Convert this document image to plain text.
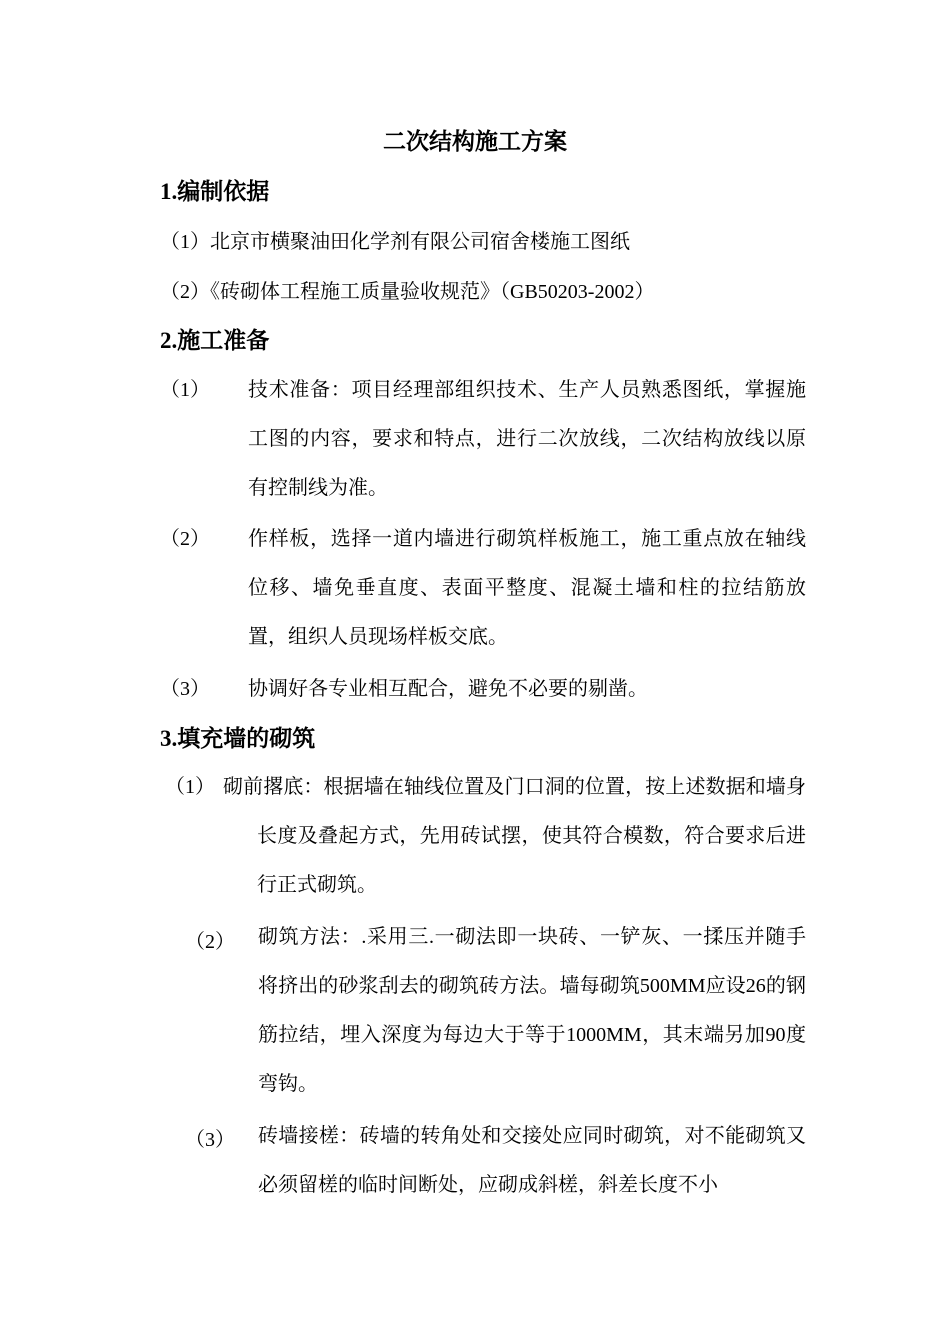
二次结构施工方案
1.编制依据
（1）北京市横聚油田化学剂有限公司宿舍楼施工图纸
（2）《砖砌体工程施工质量验收规范》（GB50203-2002）
2.施工准备
（1） 技术准备：项目经理部组织技术、生产人员熟悉图纸，掌握施工图的内容，要求和特点，进行二次放线，二次结构放线以原有控制线为准。
（2） 作样板，选择一道内墙进行砌筑样板施工，施工重点放在轴线位移、墙免垂直度、表面平整度、混凝土墙和柱的拉结筋放置，组织人员现场样板交底。
（3） 协调好各专业相互配合，避免不必要的剔凿。
3.填充墙的砌筑
（1） 砌前撂底：根据墙在轴线位置及门口洞的位置，按上述数据和墙身长度及叠起方式，先用砖试摆，使其符合模数，符合要求后进行正式砌筑。
（2） 砌筑方法：.采用三.一砌法即一块砖、一铲灰、一揉压并随手将挤出的砂浆刮去的砌筑砖方法。墙每砌筑500MM应设26的钢筋拉结，埋入深度为每边大于等于1000MM，其末端另加90度弯钩。
（3） 砖墙接槎：砖墙的转角处和交接处应同时砌筑，对不能砌筑又必须留槎的临时间断处，应砌成斜槎，斜差长度不小
